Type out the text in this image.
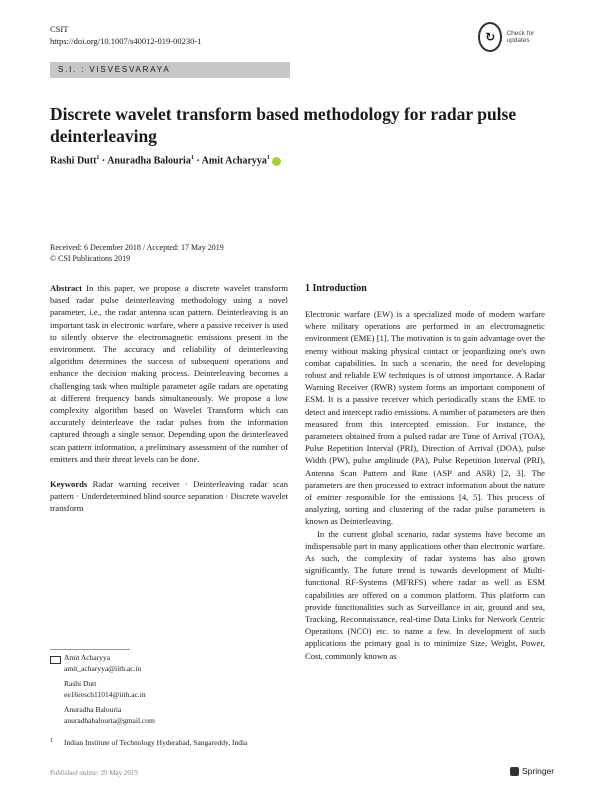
CSIT
https://doi.org/10.1007/s40012-019-00230-1	↻	Check for updates
S.I. : VISVESVARAYA
Discrete wavelet transform based methodology for radar pulse deinterleaving
Rashi Dutt$^1$ · Anuradha Balouria$^1$ · Amit Acharyya$^1$
Received: 6 December 2018 / Accepted: 17 May 2019
© CSI Publications 2019
Abstract In this paper, we propose a discrete wavelet transform based radar pulse deinterleaving methodology using a novel parameter, i.e., the radar antenna scan pattern. Deinterleaving is an important task in electronic warfare, where a passive receiver is used to silently observe the electromagnetic emissions present in the environment. The accuracy and reliability of deinterleaving algorithm determines the success of subsequent operations and enhance the decision making process. Deinterleaving becomes a challenging task when multiple parameter agile radars are operating at different frequency bands simultaneously. We propose a low complexity algorithm based on Wavelet Transform which can accurately deinterleave the radar pulses from the information captured through a single sensor. Depending upon the deinterleaved scan pattern information, a preliminary assessment of the number of emitters and their threat levels can be done.
Keywords Radar warning receiver · Deinterleaving radar scan pattern · Underdetermined blind source separation · Discrete wavelet transform
Amit Acharyya
amit_acharyya@iith.ac.in
Rashi Dutt
ee16resch11014@iith.ac.in
Anuradha Balouria
anuradhabalouria@gmail.com
1 Indian Institute of Technology Hyderabad, Sangareddy, India
1 Introduction
Electronic warfare (EW) is a specialized mode of modern warfare where military operations are performed in an electromagnetic environment (EME) [1]. The motivation is to gain advantage over the enemy without making physical contact or jeopardizing one's own combat capabilities. In such a scenario, the need for developing robust and reliable EW techniques is of utmost importance. A Radar Warning Receiver (RWR) system forms an important component of ESM. It is a passive receiver which periodically scans the EME to detect and intercept radio emissions. A number of parameters are then measured from this intercepted emission. For instance, the parameters obtained from a pulsed radar are Time of Arrival (TOA), Pulse Repetition Interval (PRI), Direction of Arrival (DOA), pulse Width (PW), pulse amplitude (PA), Pulse Repetition Interval (PRI), Antenna Scan Pattern and Rate (ASP and ASR) [2, 3]. The parameters are then processed to extract information about the nature of emitter responsible for the emissions [4, 5]. This process of analyzing, sorting and clustering of the radar pulse parameters is known as Deinterleaving.
In the current global scenario, radar systems have become an indispensable part in many applications other than electronic warfare. As such, the complexity of radar systems has also grown significantly. The future trend is towards development of Multi-functional RF-Systems (MFRFS) where radar as well as ESM capabilities are offered on a common platform. This platform can provide functionalities such as Surveillance in air, ground and sea, Tracking, Reconnaissance, real-time Data Links for Network Centric Operations (NCO) etc. to name a few. In development of such applications the primary goal is to minimize Size, Weight, Power, Cost, commonly known as
Published online: 29 May 2019	Springer
